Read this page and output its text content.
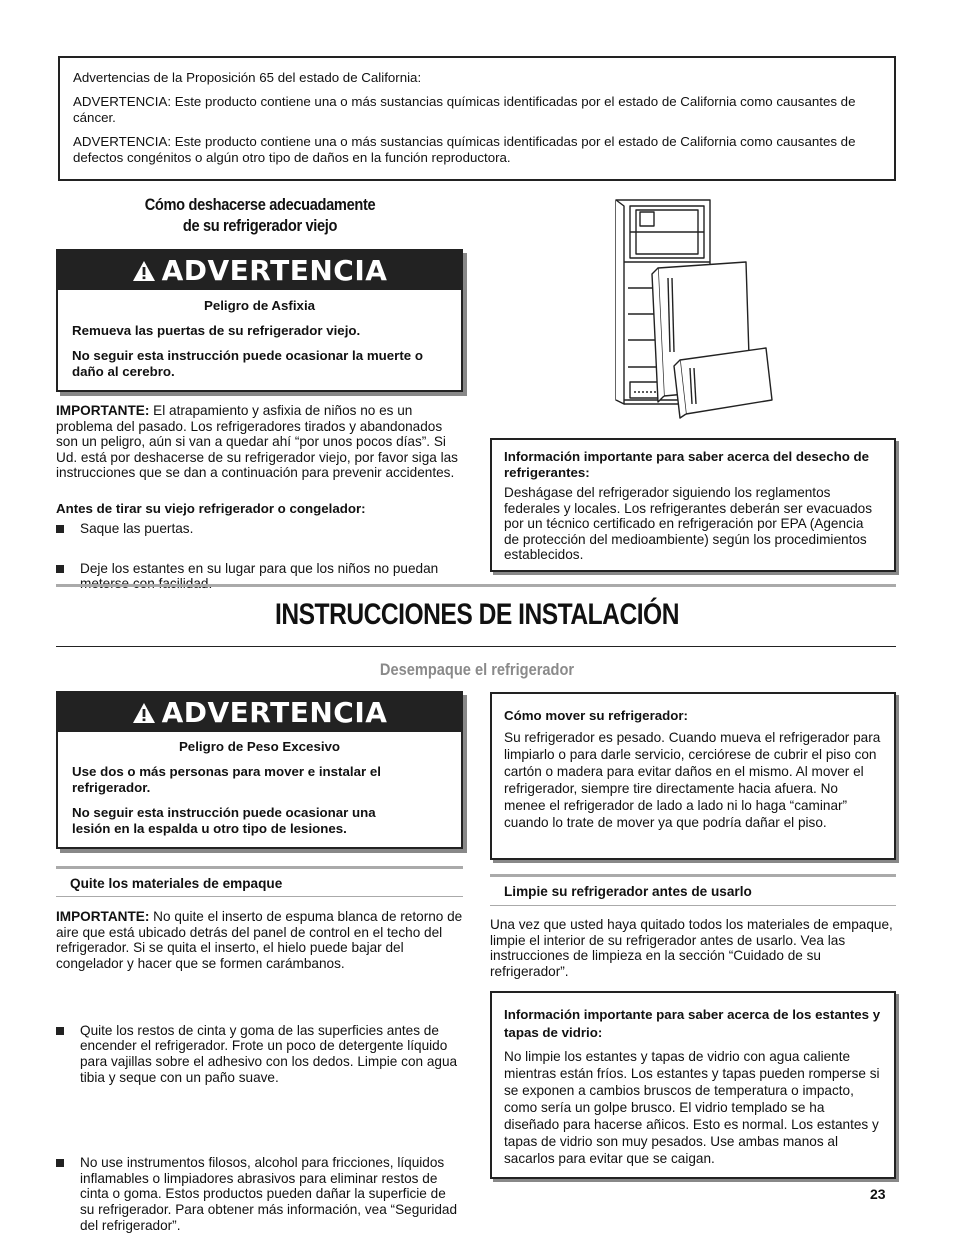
Advertencias de la Proposición 65 del estado de California:

ADVERTENCIA: Este producto contiene una o más sustancias químicas identificadas por el estado de California como causantes de cáncer.

ADVERTENCIA: Este producto contiene una o más sustancias químicas identificadas por el estado de California como causantes de defectos congénitos o algún otro tipo de daños en la función reproductora.

Cómo deshacerse adecuadamente
de su refrigerador viejo
ADVERTENCIA

Peligro de Asfixia

Remueva las puertas de su refrigerador viejo.

No seguir esta instrucción puede ocasionar la muerte o daño al cerebro.

IMPORTANTE: El atrapamiento y asfixia de niños no es un problema del pasado. Los refrigeradores tirados y abandonados son un peligro, aún si van a quedar ahí “por unos pocos días”. Si Ud. está por deshacerse de su refrigerador viejo, por favor siga las instrucciones que se dan a continuación para prevenir accidentes.
Antes de tirar su viejo refrigerador o congelador:
Saque las puertas.
Deje los estantes en su lugar para que los niños no puedan

Información importante para saber acerca del desecho de refrigerantes:

Deshágase del refrigerador siguiendo los reglamentos federales y locales. Los refrigerantes deberán ser evacuados por un técnico certificado en refrigeración por EPA (Agencia de protección del medioambiente) según los procedimientos establecidos.

INSTRUCCIONES DE INSTALACIÓN
Desempaque el refrigerador
ADVERTENCIA

Peligro de Peso Excesivo

Use dos o más personas para mover e instalar el refrigerador.

No seguir esta instrucción puede ocasionar una lesión en la espalda u otro tipo de lesiones.

Cómo mover su refrigerador:

Su refrigerador es pesado. Cuando mueva el refrigerador para limpiarlo o para darle servicio, cerciórese de cubrir el piso con cartón o madera para evitar daños en el mismo. Al mover el refrigerador, siempre tire directamente hacia afuera. No menee el refrigerador de lado a lado ni lo haga “caminar” cuando lo trate de mover ya que podría dañar el piso.

Quite los materiales de empaque
IMPORTANTE: No quite el inserto de espuma blanca de retorno de aire que está ubicado detrás del panel de control en el techo del refrigerador. Si se quita el inserto, el hielo puede bajar del congelador y hacer que se formen carámbanos.
Quite los restos de cinta y goma de las superficies antes de encender el refrigerador. Frote un poco de detergente líquido para vajillas sobre el adhesivo con los dedos. Limpie con agua tibia y seque con un paño suave.
No use instrumentos filosos, alcohol para fricciones, líquidos inflamables o limpiadores abrasivos para eliminar restos de cinta o goma. Estos productos pueden dañar la superficie de su refrigerador. Para obtener más información, vea “Seguridad del refrigerador”.
Limpie su refrigerador antes de usarlo
Una vez que usted haya quitado todos los materiales de empaque, limpie el interior de su refrigerador antes de usarlo. Vea las instrucciones de limpieza en la sección “Cuidado de su refrigerador”.

Información importante para saber acerca de los estantes y tapas de vidrio:

No limpie los estantes y tapas de vidrio con agua caliente mientras están fríos. Los estantes y tapas pueden romperse si se exponen a cambios bruscos de temperatura o impacto, como sería un golpe brusco. El vidrio templado se ha diseñado para hacerse añicos. Esto es normal. Los estantes y tapas de vidrio son muy pesados. Use ambas manos al sacarlos para evitar que se caigan.

23
